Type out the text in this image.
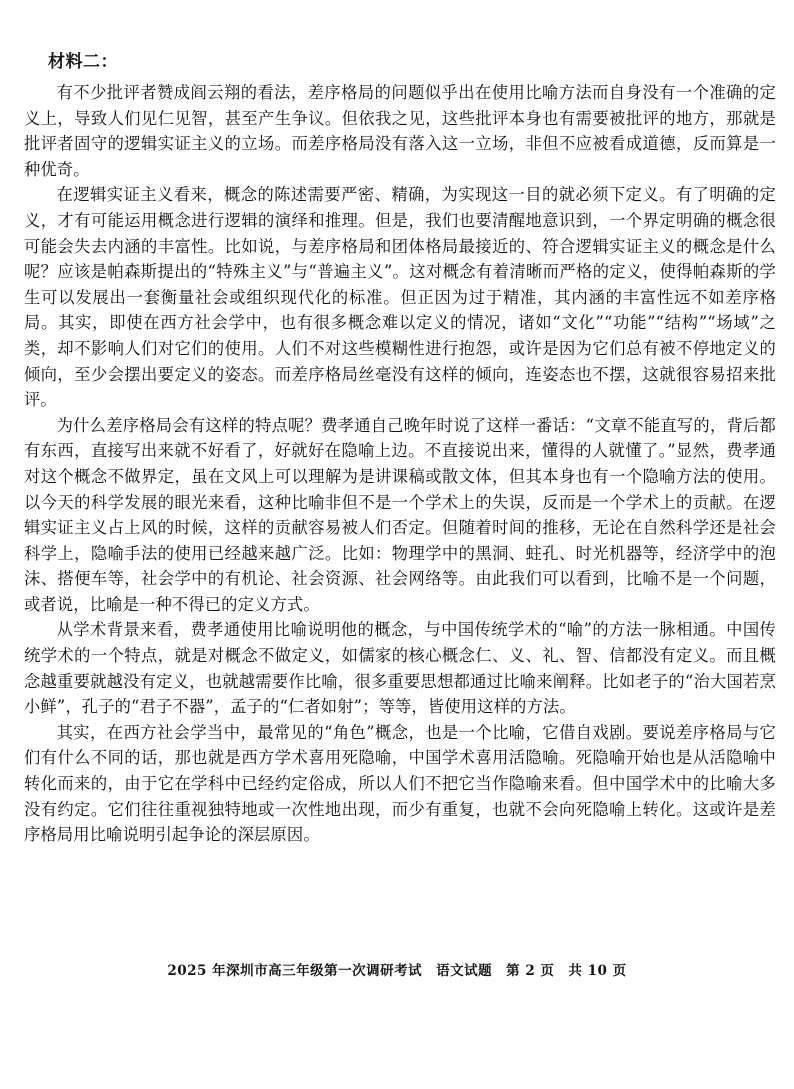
材料二：

有不少批评者赞成阎云翔的看法，差序格局的问题似乎出在使用比喻方法而自身没有一个准确的定义上，导致人们见仁见智，甚至产生争议。但依我之见，这些批评本身也有需要被批评的地方，那就是批评者固守的逻辑实证主义的立场。而差序格局没有落入这一立场，非但不应被看成道德，反而算是一种优奇。

在逻辑实证主义看来，概念的陈述需要严密、精确，为实现这一目的就必须下定义。有了明确的定义，才有可能运用概念进行逻辑的演绎和推理。但是，我们也要清醒地意识到，一个界定明确的概念很可能会失去内涵的丰富性。比如说，与差序格局和团体格局最接近的、符合逻辑实证主义的概念是什么呢？应该是帕森斯提出的“特殊主义”与“普遍主义”。这对概念有着清晰而严格的定义，使得帕森斯的学生可以发展出一套衡量社会或组织现代化的标准。但正因为过于精准，其内涵的丰富性远不如差序格局。其实，即使在西方社会学中，也有很多概念难以定义的情况，诸如“文化”“功能”“结构”“场域”之类，却不影响人们对它们的使用。人们不对这些模糊性进行抱怨，或许是因为它们总有被不停地定义的倾向，至少会摆出要定义的姿态。而差序格局丝毫没有这样的倾向，连姿态也不摆，这就很容易招来批评。

为什么差序格局会有这样的特点呢？费孝通自己晚年时说了这样一番话：“文章不能直写的，背后都有东西，直接写出来就不好看了，好就好在隐喻上边。不直接说出来，懂得的人就懂了。”显然，费孝通对这个概念不做界定，虽在文风上可以理解为是讲课稿或散文体，但其本身也有一个隐喻方法的使用。以今天的科学发展的眼光来看，这种比喻非但不是一个学术上的失误，反而是一个学术上的贡献。在逻辑实证主义占上风的时候，这样的贡献容易被人们否定。但随着时间的推移，无论在自然科学还是社会科学上，隐喻手法的使用已经越来越广泛。比如：物理学中的黑洞、蛀孔、时光机器等，经济学中的泡沫、搭便车等，社会学中的有机论、社会资源、社会网络等。由此我们可以看到，比喻不是一个问题，或者说，比喻是一种不得已的定义方式。

从学术背景来看，费孝通使用比喻说明他的概念，与中国传统学术的“喻”的方法一脉相通。中国传统学术的一个特点，就是对概念不做定义，如儒家的核心概念仁、义、礼、智、信都没有定义。而且概念越重要就越没有定义，也就越需要作比喻，很多重要思想都通过比喻来阐释。比如老子的“治大国若烹小鲜”，孔子的“君子不器”，孟子的“仁者如射”；等等，皆使用这样的方法。

其实，在西方社会学当中，最常见的“角色”概念，也是一个比喻，它借自戏剧。要说差序格局与它们有什么不同的话，那也就是西方学术喜用死隐喻，中国学术喜用活隐喻。死隐喻开始也是从活隐喻中转化而来的，由于它在学科中已经约定俗成，所以人们不把它当作隐喻来看。但中国学术中的比喻大多没有约定。它们往往重视独特地或一次性地出现，而少有重复，也就不会向死隐喻上转化。这或许是差序格局用比喻说明引起争论的深层原因。

2025 年深圳市高三年级第一次调研考试　语文试题　第 2 页　共 10 页
